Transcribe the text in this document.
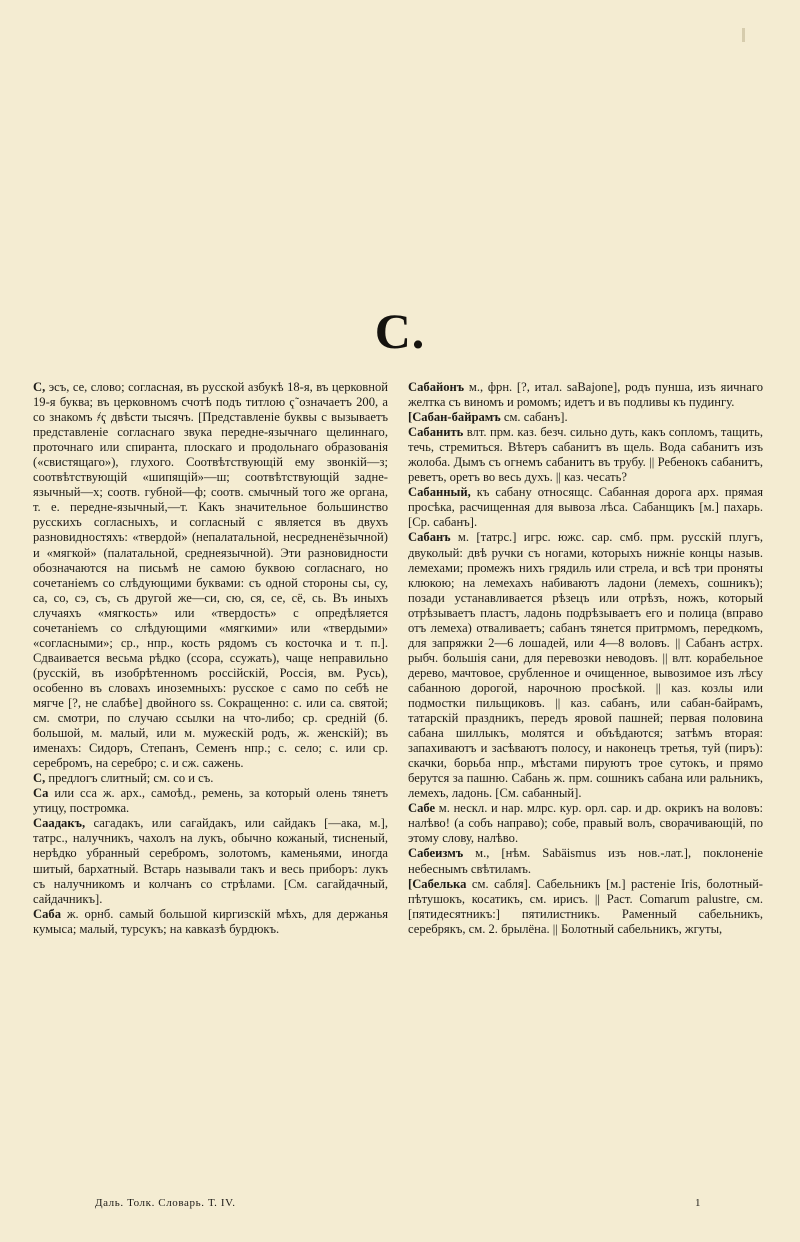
С.

С, эсъ, се, слово; согласная, въ русской азбукѣ 18-я, въ церковной 19-я буква; въ церковномъ счотѣ подъ титлою ҁ̃ означаетъ 200, а со знакомъ ҂ҁ двѣсти тысячъ. [Представленіе буквы с вызываетъ представленіе согласнаго звука передне-язычнаго щелиннаго, проточнаго или спиранта, плоскаго и продольнаго образованія («свистящаго»), глухого. Соотвѣтствующій ему звонкій—з; соотвѣтствующій «шипящій»—ш; соотвѣтствующій задне-язычный—х; соотв. губной—ф; соотв. смычный того же органа, т. е. передне-язычный,—т. Какъ значительное большинство русскихъ согласныхъ, и согласный с является въ двухъ разновидностяхъ: «твердой» (непалатальной, несредненёзычной) и «мягкой» (палатальной, среднеязычной). Эти разновидности обозначаются на письмѣ не самою буквою согласнаго, но сочетаніемъ со слѣдующими буквами: съ одной стороны сы, су, са, со, сэ, съ, съ другой же—си, сю, ся, се, сё, сь. Въ иныхъ случаяхъ «мягкость» или «твердость» с опредѣляется сочетаніемъ со слѣдующими «мягкими» или «твердыми» «согласными»; ср., нпр., кость рядомъ съ косточка и т. п.]. Сдваивается весьма рѣдко (ссора, ссужать), чаще неправильно (русскій, въ изобрѣтенномъ россійскій, Россія, вм. Русь), особенно въ словахъ иноземныхъ: русское с само по себѣ не мягче [?, не слабѣе] двойного ss. Сокращенно: с. или са. святой; см. смотри, по случаю ссылки на что-либо; ср. средній (б. большой, м. малый, или м. мужескій родъ, ж. женскій); въ именахъ: Сидоръ, Степанъ, Семенъ нпр.; с. село; с. или ср. серебромъ, на серебро; с. и сж. сажень.

С, предлогъ слитный; см. со и съ.

Са или сса ж. арх., самоѣд., ремень, за который олень тянетъ утицу, постромка.

Саадакъ, сагадакъ, или сагайдакъ, или сайдакъ [—ака, м.], татрс., налучникъ, чахолъ на лукъ, обычно кожаный, тисненый, нерѣдко убранный серебромъ, золотомъ, каменьями, иногда шитый, бархатный. Встарь называли такъ и весь приборъ: лукъ съ налучникомъ и колчанъ со стрѣлами. [См. сагайдачный, сайдачникъ].

Саба ж. орнб. самый большой киргизскій мѣхъ, для держанья кумыса; малый, турсукъ; на кавказѣ бурдюкъ.

Сабайонъ м., фрн. [?, итал. saBajone], родъ пунша, изъ яичнаго желтка съ виномъ и ромомъ; идетъ и въ подливы къ пудингу.

[Сабан-байрамъ см. сабанъ].

Сабанить влт. прм. каз. безч. сильно дуть, какъ сопломъ, тащить, течь, стремиться. Вѣтеръ сабанитъ въ щель. Вода сабанитъ изъ жолоба. Дымъ съ огнемъ сабанитъ въ трубу. || Ребенокъ сабанитъ, реветъ, оретъ во весь духъ. || каз. чесать?

Сабанный, къ сабану относящс. Сабанная дорога арх. прямая просѣка, расчищенная для вывоза лѣса. Сабанщикъ [м.] пахарь. [Ср. сабанъ].

Сабанъ м. [татрс.] игрс. южс. сар. смб. прм. русскій плугъ, двуколый: двѣ ручки съ ногами, которыхъ нижніе концы назыв. лемехами; промежъ нихъ грядиль или стрела, и всѣ три проняты клюкою; на лемехахъ набиваютъ ладони (лемехъ, сошникъ); позади устанавливается рѣзецъ или отрѣзъ, ножъ, который отрѣзываетъ пластъ, ладонь подрѣзываетъ его и полица (вправо отъ лемеха) отваливаетъ; сабанъ тянется притрмомъ, передкомъ, для запряжки 2—6 лошадей, или 4—8 воловъ. || Сабанъ астрх. рыбч. большія сани, для перевозки неводовъ. || влт. корабельное дерево, мачтовое, срубленное и очищенное, вывозимое изъ лѣсу сабанною дорогой, нарочною просѣкой. || каз. козлы или подмостки пильщиковъ. || каз. сабанъ, или сабан-байрамъ, татарскій праздникъ, передъ яровой пашней; первая половина сабана шиллыкъ, молятся и объѣдаются; затѣмъ вторая: запахиваютъ и засѣваютъ полосу, и наконецъ третья, туй (пиръ): скачки, борьба нпр., мѣстами пируютъ трое сутокъ, и прямо берутся за пашню. Сабань ж. прм. сошникъ сабана или ральникъ, лемехъ, ладонь. [См. сабанный].

Сабе м. нескл. и нар. млрс. кур. орл. сар. и др. окрикъ на воловъ: налѣво! (а собъ направо); собе, правый волъ, сворачивающій, по этому слову, налѣво.

Сабеизмъ м., [нѣм. Sabäismus изъ нов.-лат.], поклоненіе небеснымъ свѣтиламъ.

[Сабелька см. сабля]. Сабельникъ [м.] растеніе Iris, болотный-пѣтушокъ, косатикъ, см. ирисъ. || Раст. Comarum palustre, см. [пятидесятникъ:] пятилистникъ. Раменный сабельникъ, серебрякъ, см. 2. брылёна. || Болотный сабельникъ, жгуты,

Даль. Толк. Словарь. Т. IV.	1
